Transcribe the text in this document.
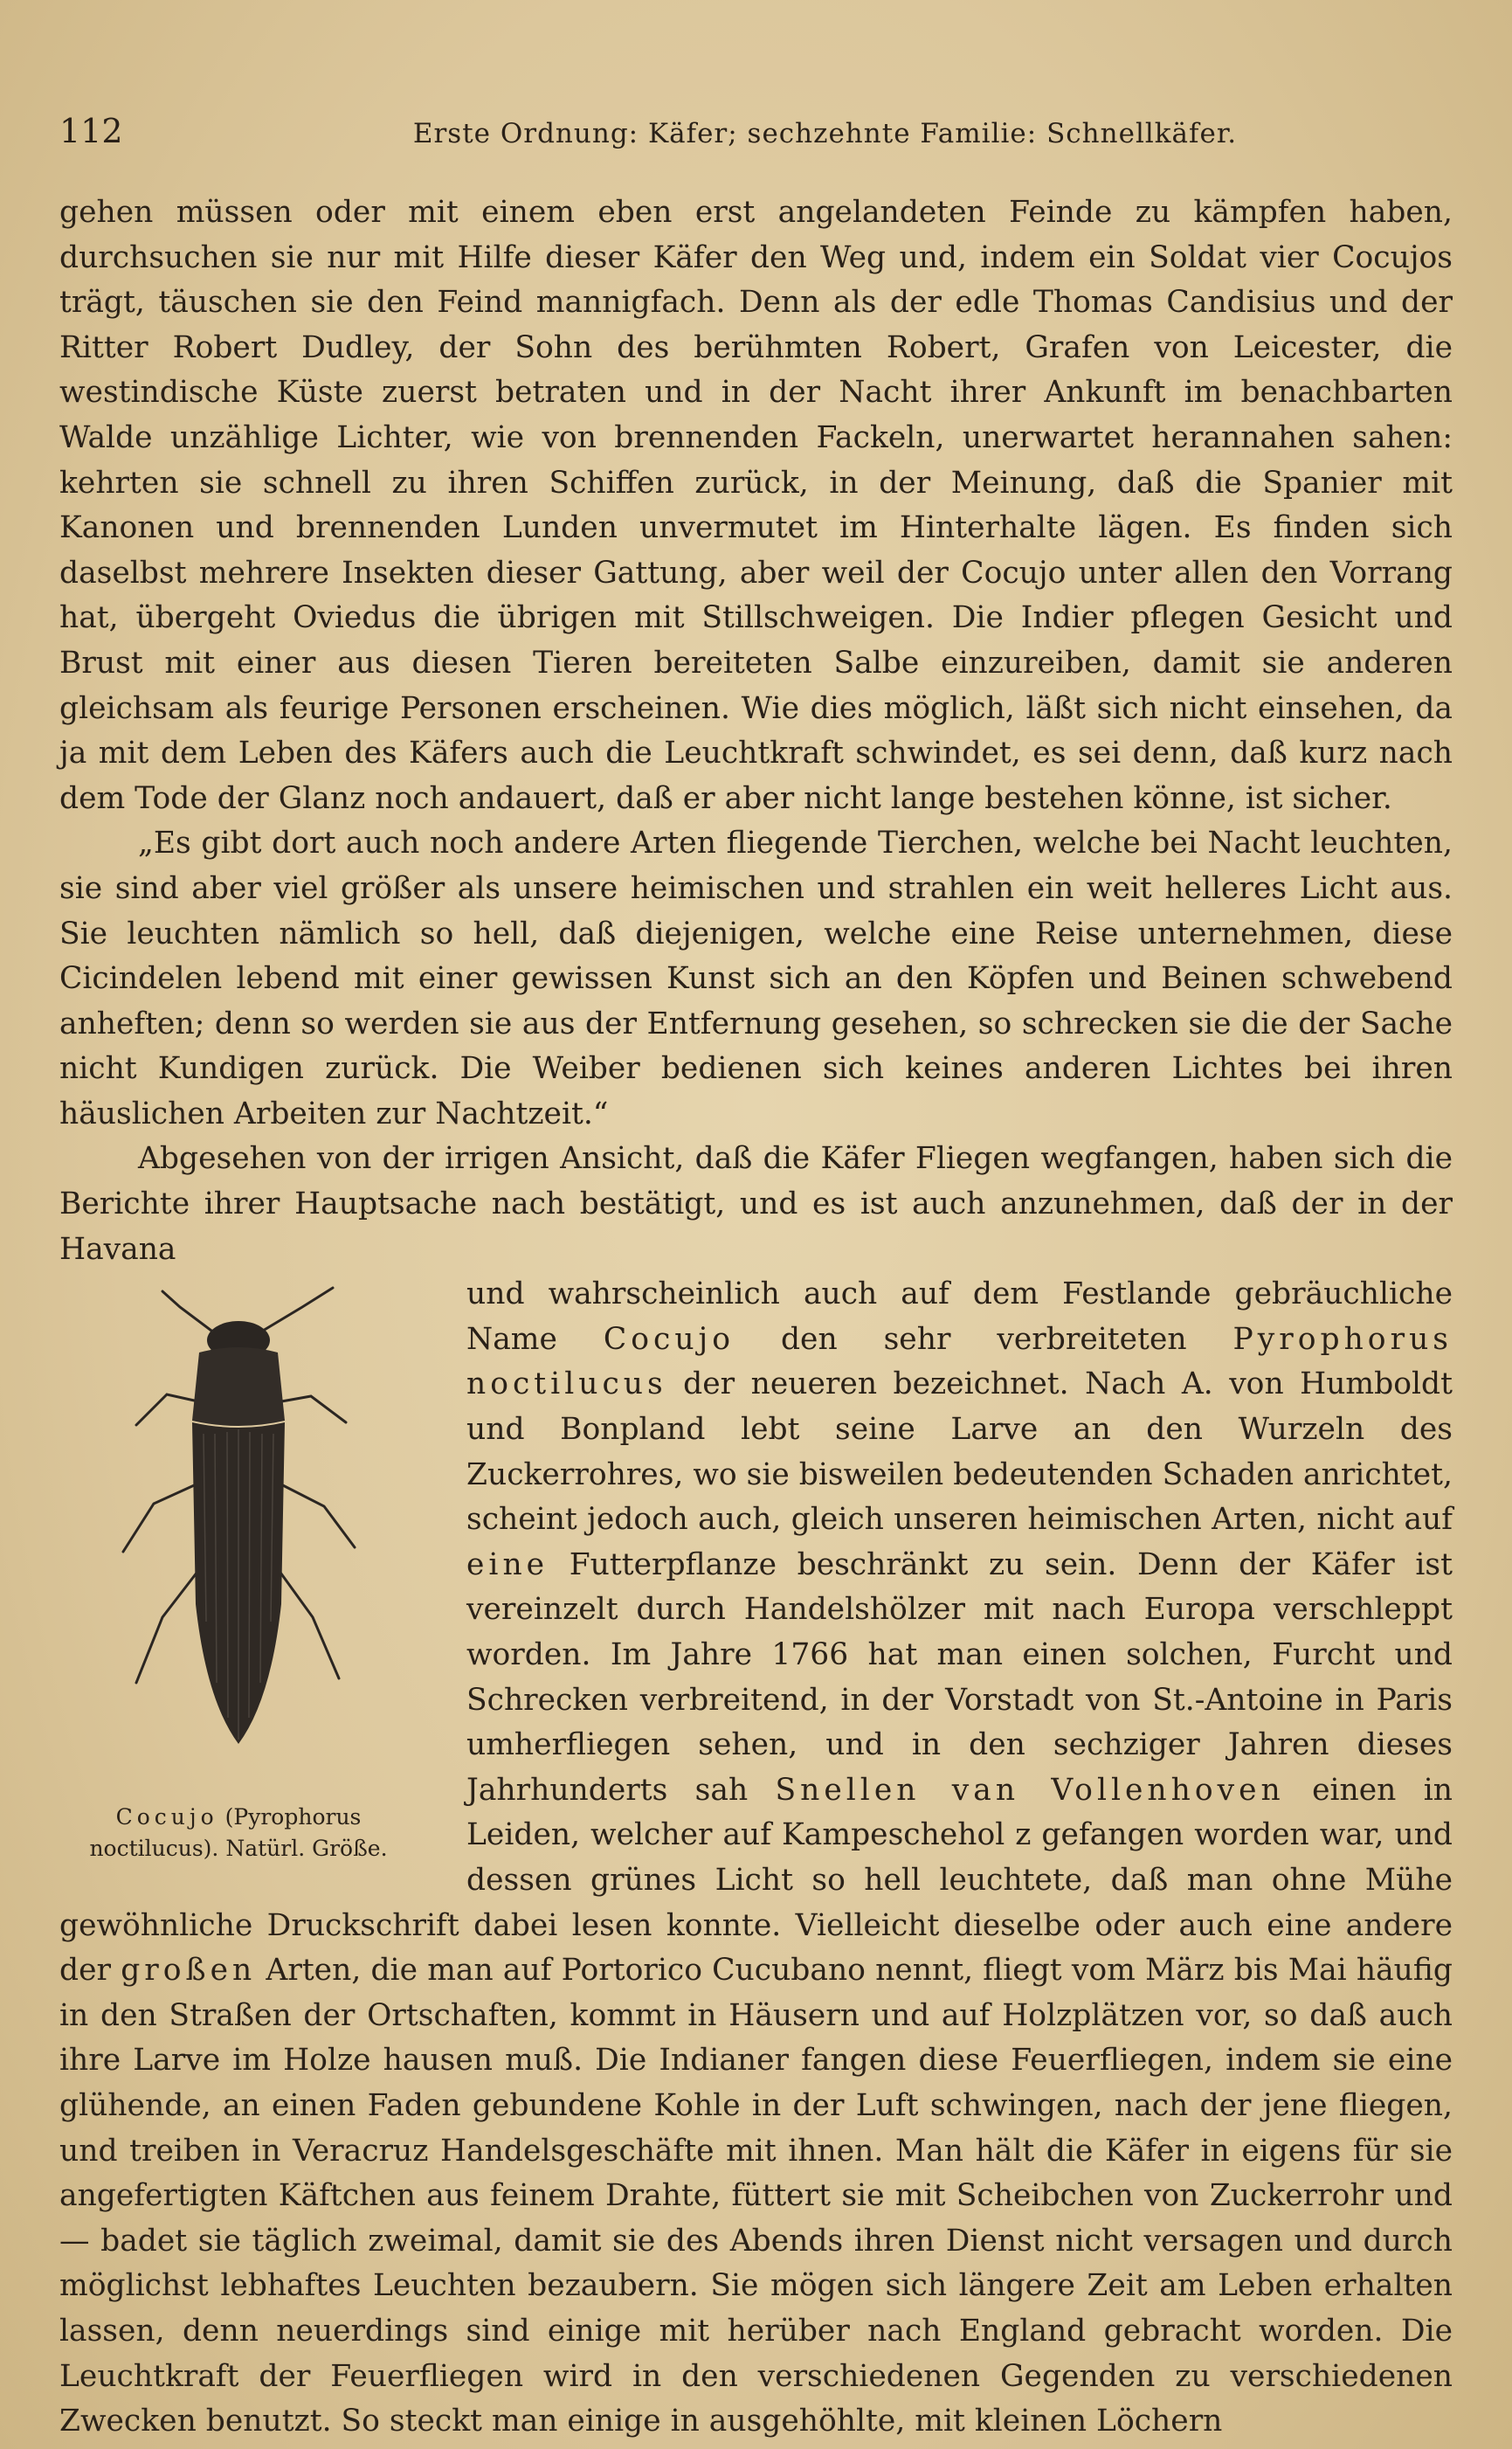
112	Erste Ordnung: Käfer; sechzehnte Familie: Schnellkäfer.

gehen müssen oder mit einem eben erst angelandeten Feinde zu kämpfen haben, durchsuchen sie nur mit Hilfe dieser Käfer den Weg und, indem ein Soldat vier Cocujos trägt, täuschen sie den Feind mannigfach. Denn als der edle Thomas Candisius und der Ritter Robert Dudley, der Sohn des berühmten Robert, Grafen von Leicester, die westindische Küste zuerst betraten und in der Nacht ihrer Ankunft im benachbarten Walde unzählige Lichter, wie von brennenden Fackeln, unerwartet herannahen sahen: kehrten sie schnell zu ihren Schiffen zurück, in der Meinung, daß die Spanier mit Kanonen und brennenden Lunden unvermutet im Hinterhalte lägen. Es finden sich daselbst mehrere Insekten dieser Gattung, aber weil der Cocujo unter allen den Vorrang hat, übergeht Oviedus die übrigen mit Stillschweigen. Die Indier pflegen Gesicht und Brust mit einer aus diesen Tieren bereiteten Salbe einzureiben, damit sie anderen gleichsam als feurige Personen erscheinen. Wie dies möglich, läßt sich nicht einsehen, da ja mit dem Leben des Käfers auch die Leuchtkraft schwindet, es sei denn, daß kurz nach dem Tode der Glanz noch andauert, daß er aber nicht lange bestehen könne, ist sicher.

„Es gibt dort auch noch andere Arten fliegende Tierchen, welche bei Nacht leuchten, sie sind aber viel größer als unsere heimischen und strahlen ein weit helleres Licht aus. Sie leuchten nämlich so hell, daß diejenigen, welche eine Reise unternehmen, diese Cicindelen lebend mit einer gewissen Kunst sich an den Köpfen und Beinen schwebend anheften; denn so werden sie aus der Entfernung gesehen, so schrecken sie die der Sache nicht Kundigen zurück. Die Weiber bedienen sich keines anderen Lichtes bei ihren häuslichen Arbeiten zur Nachtzeit.“

Abgesehen von der irrigen Ansicht, daß die Käfer Fliegen wegfangen, haben sich die Berichte ihrer Hauptsache nach bestätigt, und es ist auch anzunehmen, daß der in der Havana

Cocujo (Pyrophorus noctilucus). Natürl. Größe.

und wahrscheinlich auch auf dem Festlande gebräuchliche Name Cocujo den sehr verbreiteten Pyrophorus noctilucus der neueren bezeichnet. Nach A. von Humboldt und Bonpland lebt seine Larve an den Wurzeln des Zuckerrohres, wo sie bisweilen bedeutenden Schaden anrichtet, scheint jedoch auch, gleich unseren heimischen Arten, nicht auf eine Futterpflanze beschränkt zu sein. Denn der Käfer ist vereinzelt durch Handelshölzer mit nach Europa verschleppt worden. Im Jahre 1766 hat man einen solchen, Furcht und Schrecken verbreitend, in der Vorstadt von St.-Antoine in Paris umherfliegen sehen, und in den sechziger Jahren dieses Jahrhunderts sah Snellen van Vollenhoven einen in Leiden, welcher auf Kampeschehol z gefangen worden war, und dessen grünes Licht so hell leuchtete, daß man ohne Mühe gewöhnliche Druckschrift dabei lesen konnte. Vielleicht dieselbe oder auch eine andere der großen Arten, die man auf Portorico Cucubano nennt, fliegt vom März bis Mai häufig in den Straßen der Ortschaften, kommt in Häusern und auf Holzplätzen vor, so daß auch ihre Larve im Holze hausen muß. Die Indianer fangen diese Feuerfliegen, indem sie eine glühende, an einen Faden gebundene Kohle in der Luft schwingen, nach der jene fliegen, und treiben in Veracruz Handelsgeschäfte mit ihnen. Man hält die Käfer in eigens für sie angefertigten Käftchen aus feinem Drahte, füttert sie mit Scheibchen von Zuckerrohr und — badet sie täglich zweimal, damit sie des Abends ihren Dienst nicht versagen und durch möglichst lebhaftes Leuchten bezaubern. Sie mögen sich längere Zeit am Leben erhalten lassen, denn neuerdings sind einige mit herüber nach England gebracht worden. Die Leuchtkraft der Feuerfliegen wird in den verschiedenen Gegenden zu verschiedenen Zwecken benutzt. So steckt man einige in ausgehöhlte, mit kleinen Löchern
